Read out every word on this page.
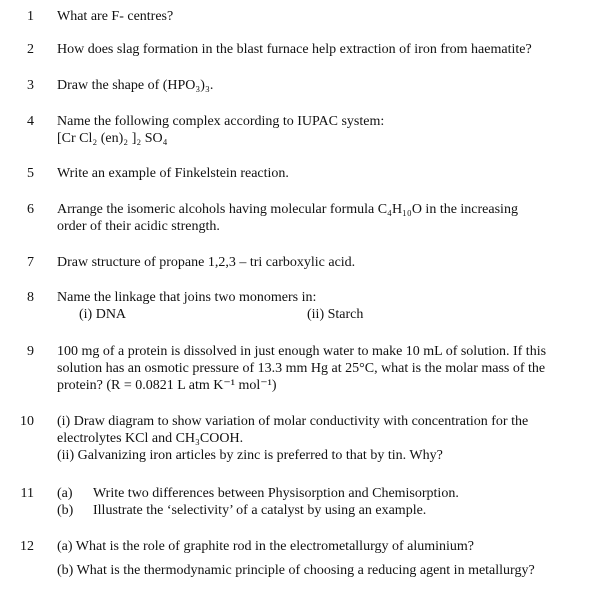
1 What are F- centres?
2 How does slag formation in the blast furnace help extraction of iron from haematite?
3 Draw the shape of (HPO₃)₃.
4 Name the following complex according to IUPAC system:
[Cr Cl₂ (en)₂ ]₂ SO₄
5 Write an example of Finkelstein reaction.
6 Arrange the isomeric alcohols having molecular formula C₄H₁₀O in the increasing
order of their acidic strength.
7 Draw structure of propane 1,2,3 – tri carboxylic acid.
8 Name the linkage that joins two monomers in:
(i) DNA	(ii) Starch
9 100 mg of a protein is dissolved in just enough water to make 10 mL of solution. If this
solution has an osmotic pressure of 13.3 mm Hg at 25°C, what is the molar mass of the
protein? (R = 0.0821 L atm K⁻¹ mol⁻¹)
10 (i) Draw diagram to show variation of molar conductivity with concentration for the
electrolytes KCl and CH₃COOH.
(ii) Galvanizing iron articles by zinc is preferred to that by tin. Why?
11 (a) Write two differences between Physisorption and Chemisorption.
(b) Illustrate the ‘selectivity’ of a catalyst by using an example.
12 (a) What is the role of graphite rod in the electrometallurgy of aluminium?
(b) What is the thermodynamic principle of choosing a reducing agent in metallurgy?
